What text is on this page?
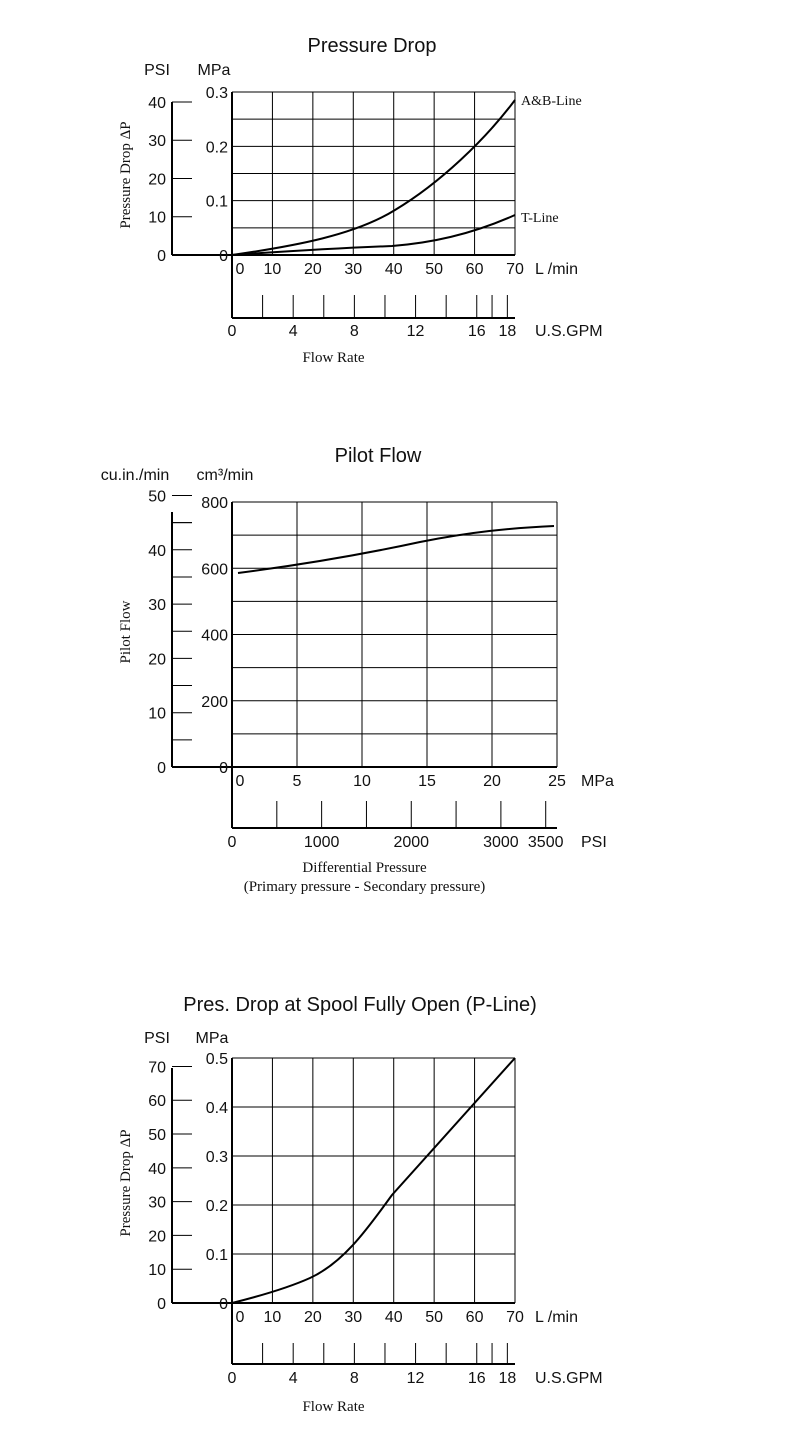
Pressure Drop
0
0.1
0.2
0.3
0
10
20
30
40
0 10 20 30 40 50 60 70 L /min
0	4	8	12	16 18 U.S.GPM
PSI MPa
Pressure Drop ΔP
Flow Rate
A&B-Line
T-Line
Pilot Flow
0
200
400
600
800
0
10
20
30
40
50
0	5	10	15	20	25 MPa
0	1000	2000	3000 3500 PSI
cu.in./min cm³/min
Pilot Flow
Differential Pressure
(Primary pressure - Secondary pressure)
Pres. Drop at Spool Fully Open (P-Line)
0
0.1
0.2
0.3
0.4
0.5
0
10
20
30
40
50
60
70
0 10 20 30 40 50 60 70 L /min
0	4	8	12	16 18 U.S.GPM
PSI MPa
Pressure Drop ΔP
Flow Rate
